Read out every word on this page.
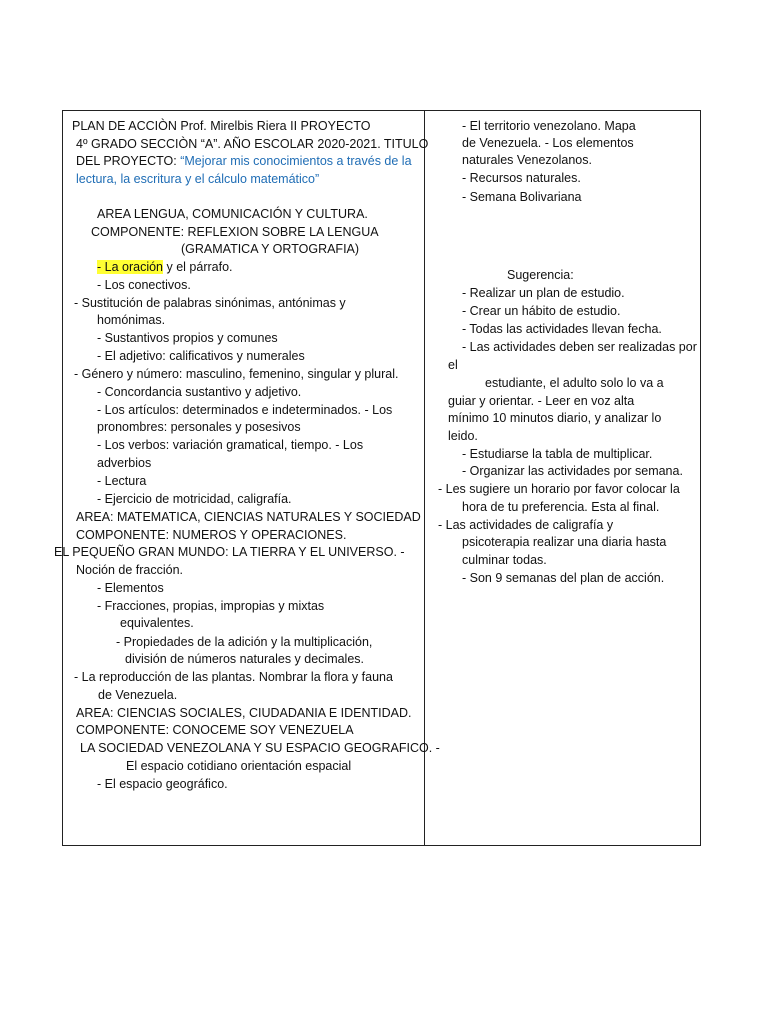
PLAN DE ACCIÒN Prof. Mirelbis Riera II PROYECTO
4º GRADO SECCIÒN “A”. AÑO ESCOLAR 2020-2021. TITULO
DEL PROYECTO: “Mejorar mis conocimientos a través de la
lectura, la escritura y el cálculo matemático”
AREA LENGUA, COMUNICACIÓN Y CULTURA.
COMPONENTE: REFLEXION SOBRE LA LENGUA
(GRAMATICA Y ORTOGRAFIA)
- La oración y el párrafo.
- Los conectivos.
- Sustitución de palabras sinónimas, antónimas y
homónimas.
- Sustantivos propios y comunes
- El adjetivo: calificativos y numerales
- Género y número: masculino, femenino, singular y plural.
- Concordancia sustantivo y adjetivo.
- Los artículos: determinados e indeterminados. - Los
pronombres: personales y posesivos
- Los verbos: variación gramatical, tiempo. - Los
adverbios
- Lectura
- Ejercicio de motricidad, caligrafía.
AREA: MATEMATICA, CIENCIAS NATURALES Y SOCIEDAD
COMPONENTE: NUMEROS Y OPERACIONES.
EL PEQUEÑO GRAN MUNDO: LA TIERRA Y EL UNIVERSO. -
Noción de fracción.
- Elementos
- Fracciones, propias, impropias y mixtas
equivalentes.
- Propiedades de la adición y la multiplicación,
división de números naturales y decimales.
- La reproducción de las plantas. Nombrar la flora y fauna
de Venezuela.
AREA: CIENCIAS SOCIALES, CIUDADANIA E IDENTIDAD.
COMPONENTE: CONOCEME SOY VENEZUELA
LA SOCIEDAD VENEZOLANA Y SU ESPACIO GEOGRAFICO. -
El espacio cotidiano orientación espacial
- El espacio geográfico.
- El territorio venezolano. Mapa
de Venezuela. - Los elementos
naturales Venezolanos.
- Recursos naturales.
- Semana Bolivariana
Sugerencia:
- Realizar un plan de estudio.
- Crear un hábito de estudio.
- Todas las actividades llevan fecha.
- Las actividades deben ser realizadas por
el
estudiante, el adulto solo lo va a
guiar y orientar. - Leer en voz alta
mínimo 10 minutos diario, y analizar lo
leido.
- Estudiarse la tabla de multiplicar.
- Organizar las actividades por semana.
- Les sugiere un horario por favor colocar la
hora de tu preferencia. Esta al final.
- Las actividades de caligrafía y
psicoterapia realizar una diaria hasta
culminar todas.
- Son 9 semanas del plan de acción.
